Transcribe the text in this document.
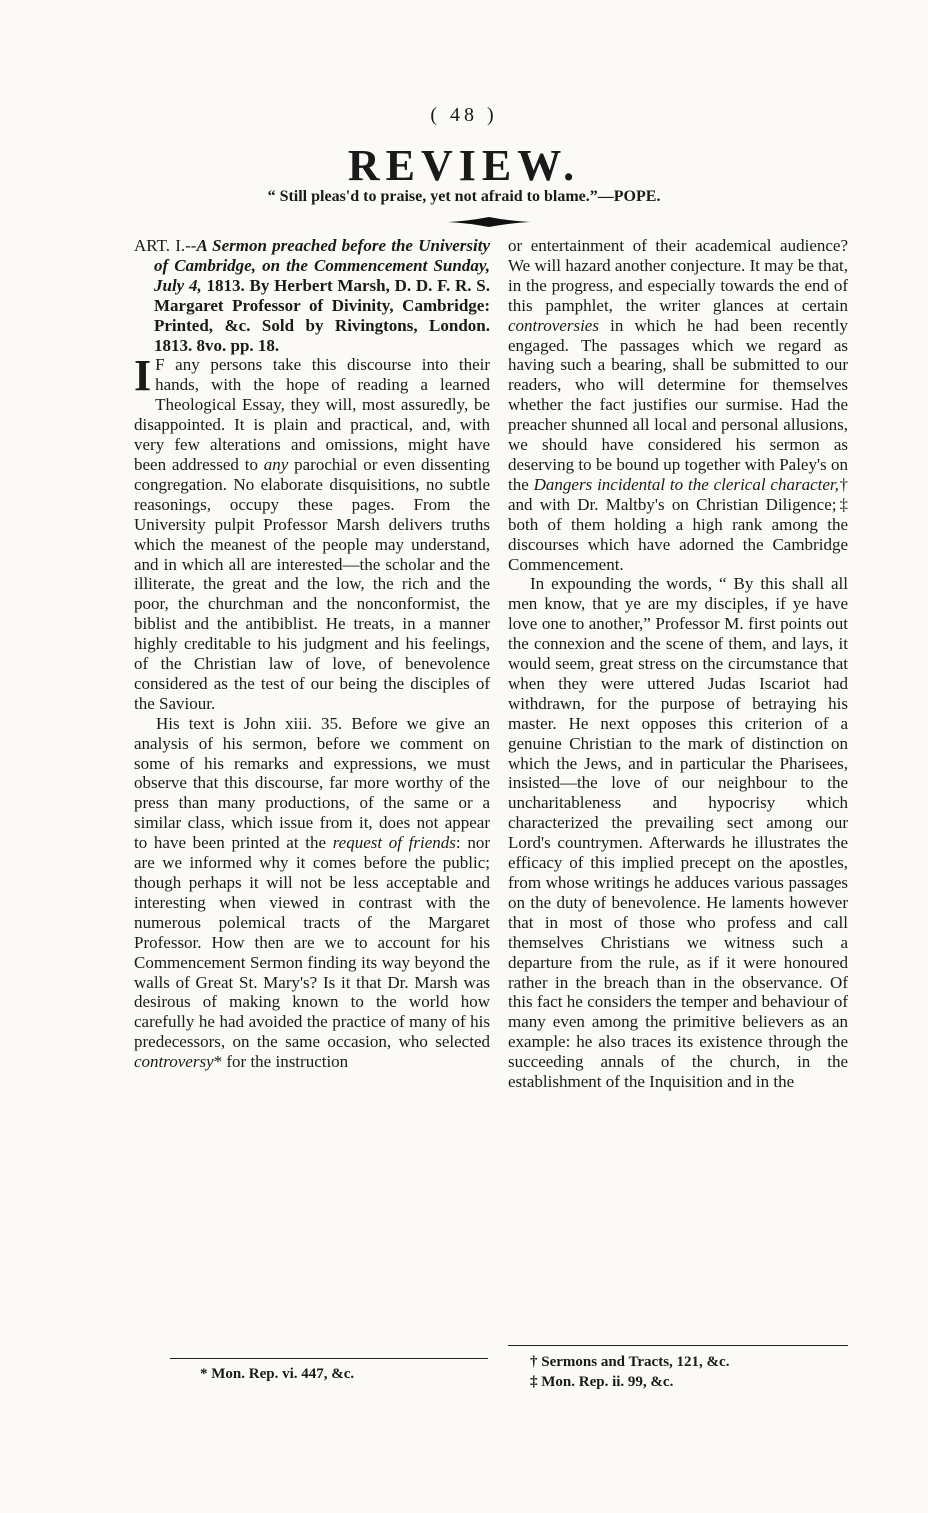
( 48 )
REVIEW.
“ Still pleas'd to praise, yet not afraid to blame.”—POPE.

ART. I.--A Sermon preached before the University of Cambridge, on the Commencement Sunday, July 4, 1813. By Herbert Marsh, D. D. F. R. S. Margaret Professor of Divinity, Cambridge: Printed, &c. Sold by Rivingtons, London. 1813. 8vo. pp. 18.

I F any persons take this discourse into their hands, with the hope of reading a learned Theological Essay, they will, most assuredly, be disappointed. It is plain and practical, and, with very few alterations and omissions, might have been addressed to any parochial or even dissenting congregation. No elaborate disquisitions, no subtle reasonings, occupy these pages. From the University pulpit Professor Marsh delivers truths which the meanest of the people may understand, and in which all are interested—the scholar and the illiterate, the great and the low, the rich and the poor, the churchman and the nonconformist, the biblist and the antibiblist. He treats, in a manner highly creditable to his judgment and his feelings, of the Christian law of love, of benevolence considered as the test of our being the disciples of the Saviour.

His text is John xiii. 35. Before we give an analysis of his sermon, before we comment on some of his remarks and expressions, we must observe that this discourse, far more worthy of the press than many productions, of the same or a similar class, which issue from it, does not appear to have been printed at the request of friends: nor are we informed why it comes before the public; though perhaps it will not be less acceptable and interesting when viewed in contrast with the numerous polemical tracts of the Margaret Professor. How then are we to account for his Commencement Sermon finding its way beyond the walls of Great St. Mary's? Is it that Dr. Marsh was desirous of making known to the world how carefully he had avoided the practice of many of his predecessors, on the same occasion, who selected controversy* for the instruction

or entertainment of their academical audience? We will hazard another conjecture. It may be that, in the progress, and especially towards the end of this pamphlet, the writer glances at certain controversies in which he had been recently engaged. The passages which we regard as having such a bearing, shall be submitted to our readers, who will determine for themselves whether the fact justifies our surmise. Had the preacher shunned all local and personal allusions, we should have considered his sermon as deserving to be bound up together with Paley's on the Dangers incidental to the clerical character,† and with Dr. Maltby's on Christian Diligence;‡ both of them holding a high rank among the discourses which have adorned the Cambridge Commencement.

In expounding the words, “ By this shall all men know, that ye are my disciples, if ye have love one to another,” Professor M. first points out the connexion and the scene of them, and lays, it would seem, great stress on the circumstance that when they were uttered Judas Iscariot had withdrawn, for the purpose of betraying his master. He next opposes this criterion of a genuine Christian to the mark of distinction on which the Jews, and in particular the Pharisees, insisted—the love of our neighbour to the uncharitableness and hypocrisy which characterized the prevailing sect among our Lord's countrymen. Afterwards he illustrates the efficacy of this implied precept on the apostles, from whose writings he adduces various passages on the duty of benevolence. He laments however that in most of those who profess and call themselves Christians we witness such a departure from the rule, as if it were honoured rather in the breach than in the observance. Of this fact he considers the temper and behaviour of many even among the primitive believers as an example: he also traces its existence through the succeeding annals of the church, in the establishment of the Inquisition and in the

* Mon. Rep. vi. 447, &c.
† Sermons and Tracts, 121, &c.
‡ Mon. Rep. ii. 99, &c.
